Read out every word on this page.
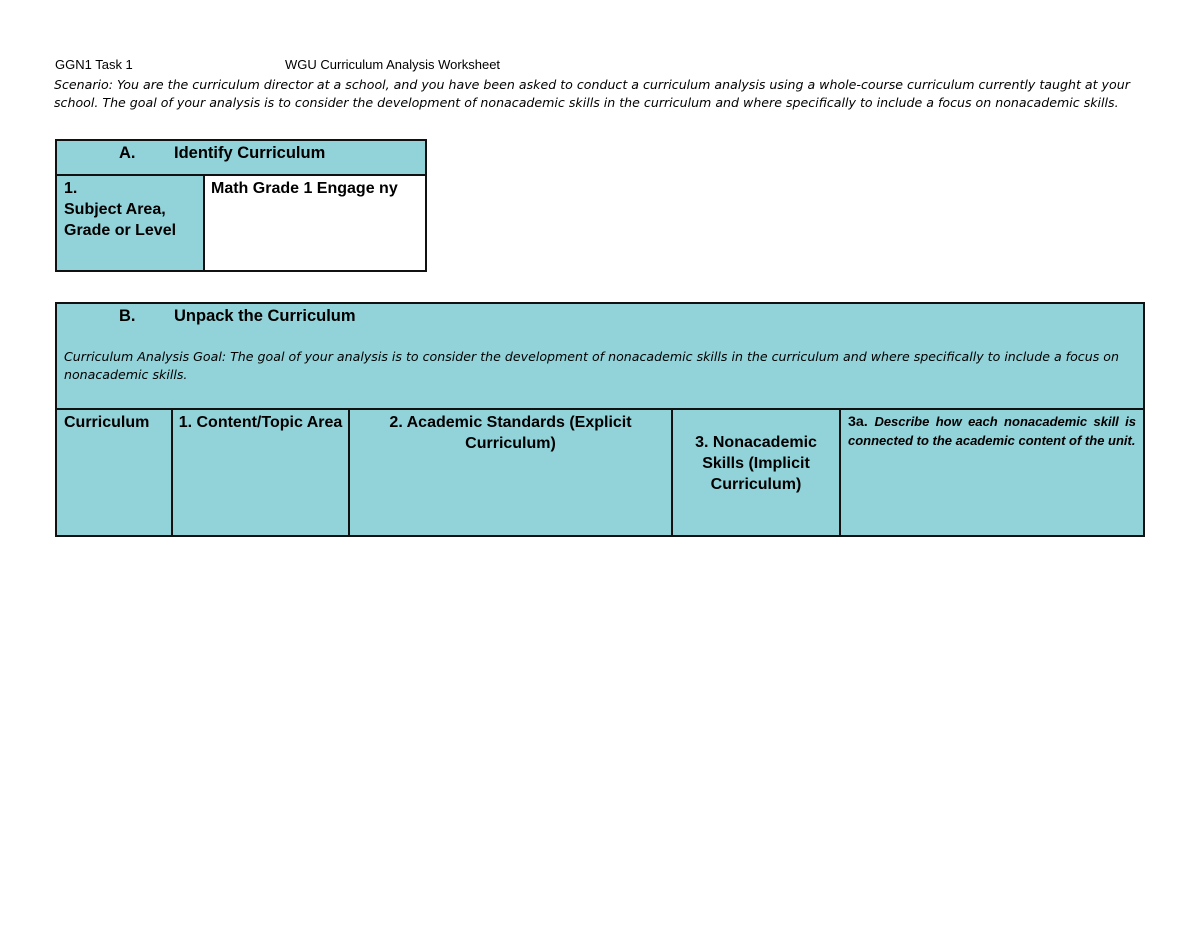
GGN1 Task 1	WGU Curriculum Analysis Worksheet

Scenario: You are the curriculum director at a school, and you have been asked to conduct a curriculum analysis using a whole-course curriculum currently taught at your school. The goal of your analysis is to consider the development of nonacademic skills in the curriculum and where specifically to include a focus on nonacademic skills.

A.	Identify Curriculum

1.
Subject Area, Grade or Level
	Math Grade 1 Engage ny
B.	Unpack the Curriculum

Curriculum Analysis Goal: The goal of your analysis is to consider the development of nonacademic skills in the curriculum and where specifically to include a focus on nonacademic skills.

Curriculum	1. Content/Topic Area	2. Academic Standards (Explicit Curriculum)	3. Nonacademic Skills (Implicit Curriculum)	3a. Describe how each nonacademic skill is connected to the academic content of the unit.
